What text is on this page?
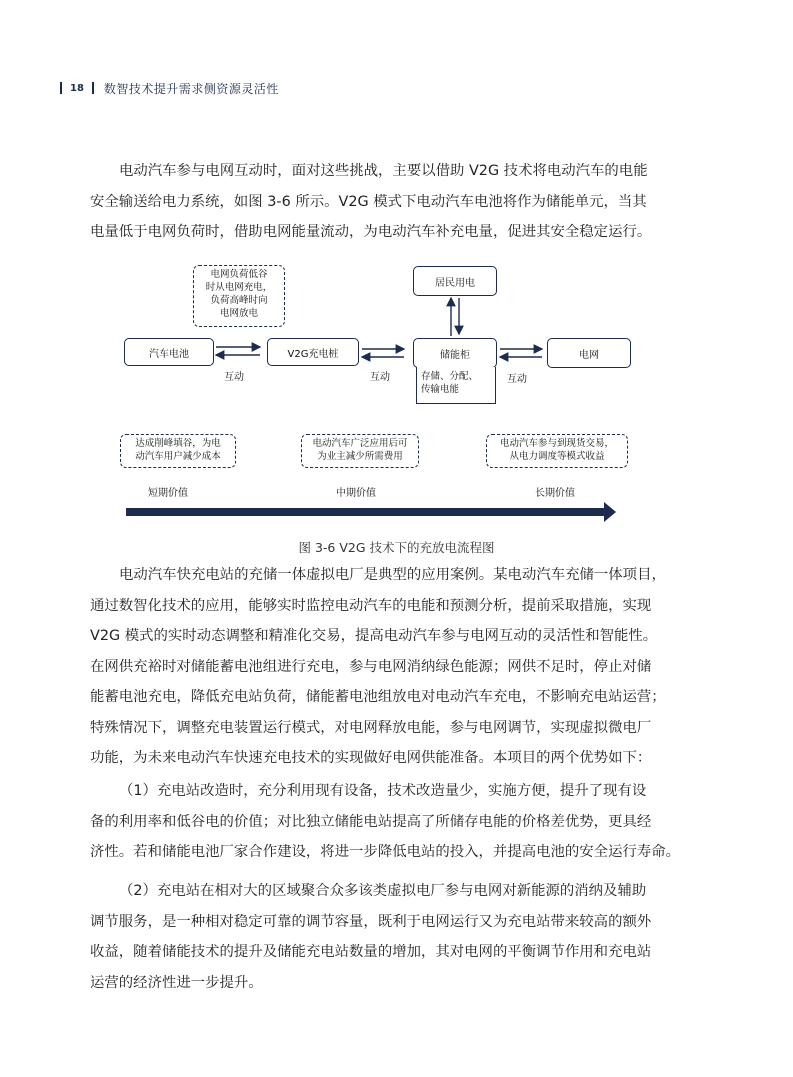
18 数智技术提升需求侧资源灵活性

电动汽车参与电网互动时，面对这些挑战，主要以借助 V2G 技术将电动汽车的电能
安全输送给电力系统，如图 3-6 所示。V2G 模式下电动汽车电池将作为储能单元，当其
电量低于电网负荷时，借助电网能量流动，为电动汽车补充电量，促进其安全稳定运行。

电网负荷低谷
时从电网充电，
负荷高峰时向
电网放电
汽车电池	V2G充电桩	储能柜
居民用电
电网
存储、分配、
传输电能
互动	互动	互动
达成削峰填谷，为电
动汽车用户减少成本
电动汽车广泛应用后可
为业主减少所需费用
电动汽车参与到现货交易，
从电力调度等模式收益
短期价值	中期价值	长期价值
图 3-6 V2G 技术下的充放电流程图

电动汽车快充电站的充储一体虚拟电厂是典型的应用案例。某电动汽车充储一体项目，
通过数智化技术的应用，能够实时监控电动汽车的电能和预测分析，提前采取措施，实现
V2G 模式的实时动态调整和精准化交易，提高电动汽车参与电网互动的灵活性和智能性。
在网供充裕时对储能蓄电池组进行充电，参与电网消纳绿色能源；网供不足时，停止对储
能蓄电池充电，降低充电站负荷，储能蓄电池组放电对电动汽车充电，不影响充电站运营；
特殊情况下，调整充电装置运行模式，对电网释放电能，参与电网调节，实现虚拟微电厂
功能，为未来电动汽车快速充电技术的实现做好电网供能准备。本项目的两个优势如下：

（1）充电站改造时，充分利用现有设备，技术改造量少，实施方便，提升了现有设
备的利用率和低谷电的价值；对比独立储能电站提高了所储存电能的价格差优势，更具经
济性。若和储能电池厂家合作建设，将进一步降低电站的投入，并提高电池的安全运行寿命。

（2）充电站在相对大的区域聚合众多该类虚拟电厂参与电网对新能源的消纳及辅助
调节服务，是一种相对稳定可靠的调节容量，既利于电网运行又为充电站带来较高的额外
收益，随着储能技术的提升及储能充电站数量的增加，其对电网的平衡调节作用和充电站
运营的经济性进一步提升。
